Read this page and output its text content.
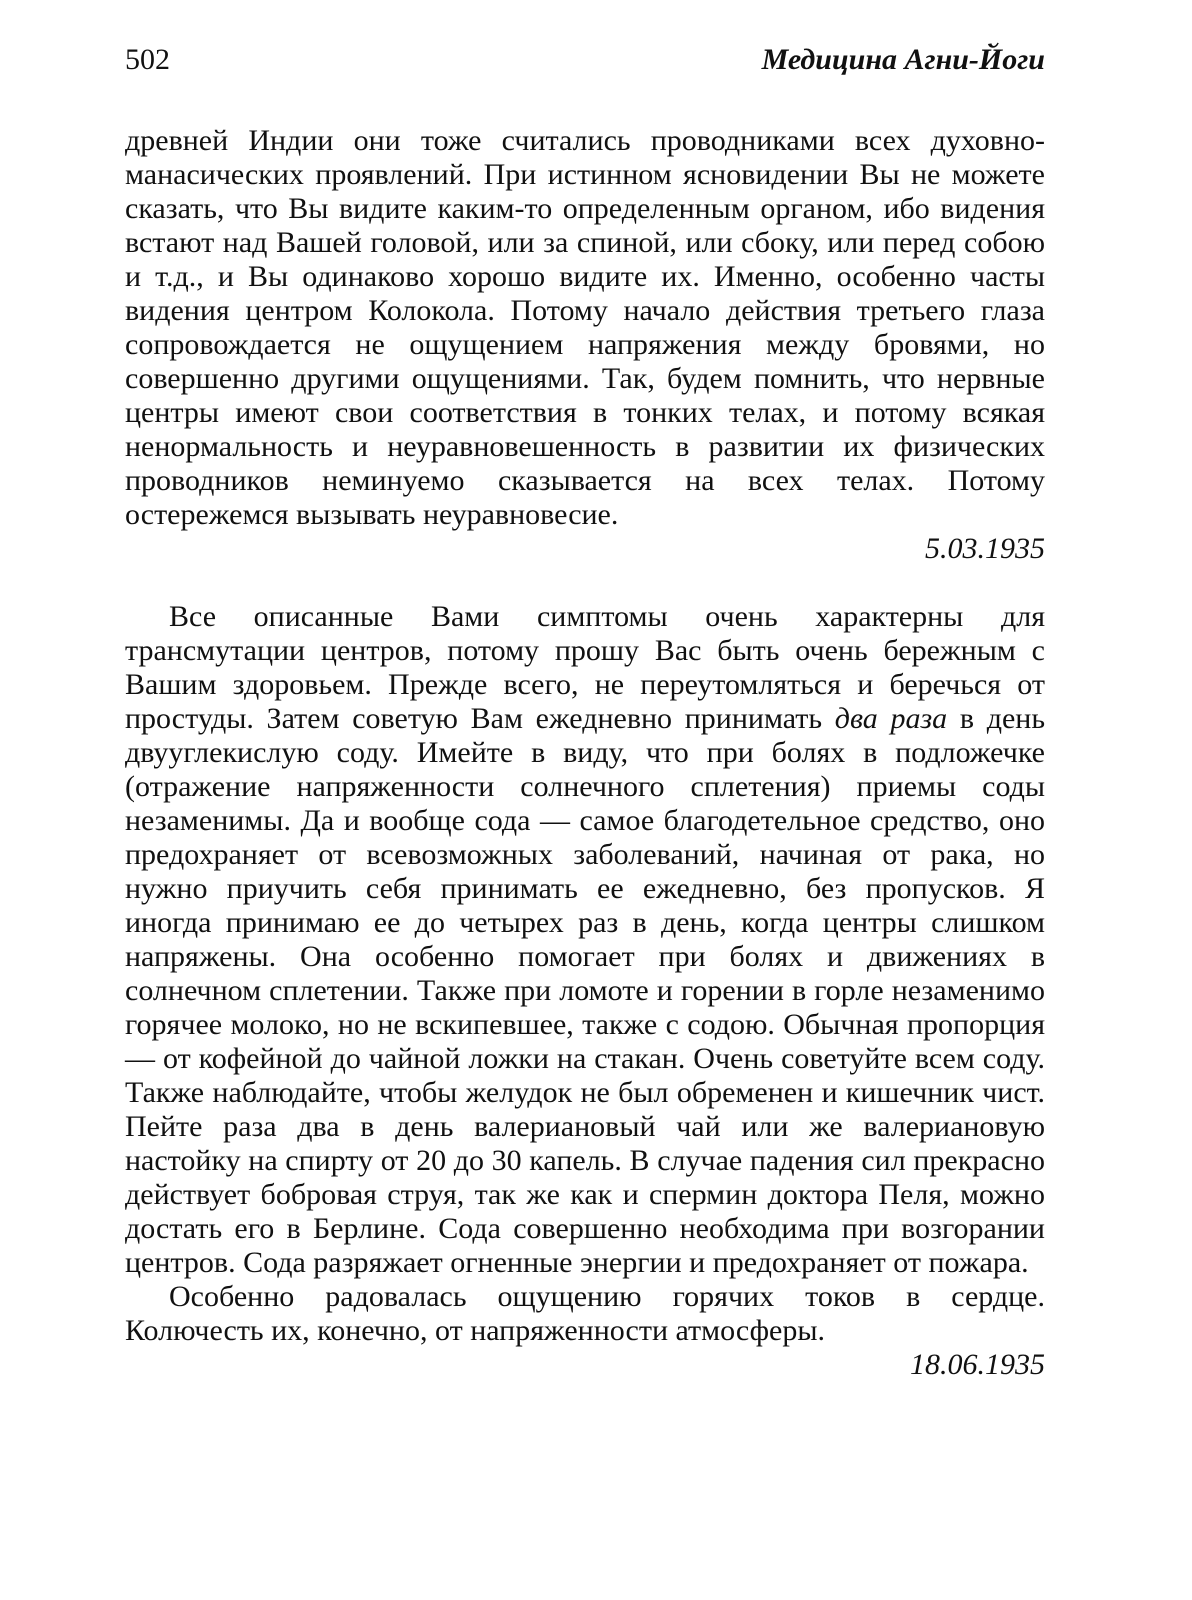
502	Медицина Агни-Йоги

древней Индии они тоже считались проводниками всех духовно-манасических проявлений. При истинном ясновидении Вы не можете сказать, что Вы видите каким-то определенным органом, ибо видения встают над Вашей головой, или за спиной, или сбоку, или перед собою и т.д., и Вы одинаково хорошо видите их. Именно, особенно часты видения центром Колокола. Потому начало действия третьего глаза сопровождается не ощущением напряжения между бровями, но совершенно другими ощущениями. Так, будем помнить, что нервные центры имеют свои соответствия в тонких телах, и потому всякая ненормальность и неуравновешенность в развитии их физических проводников неминуемо сказывается на всех телах. Потому остережемся вызывать неуравновесие.

5.03.1935

Все описанные Вами симптомы очень характерны для трансмутации центров, потому прошу Вас быть очень бережным с Вашим здоровьем. Прежде всего, не переутомляться и беречься от простуды. Затем советую Вам ежедневно принимать два раза в день двууглекислую соду. Имейте в виду, что при болях в подложечке (отражение напряженности солнечного сплетения) приемы соды незаменимы. Да и вообще сода — самое благодетельное средство, оно предохраняет от всевозможных заболеваний, начиная от рака, но нужно приучить себя принимать ее ежедневно, без пропусков. Я иногда принимаю ее до четырех раз в день, когда центры слишком напряжены. Она особенно помогает при болях и движениях в солнечном сплетении. Также при ломоте и горении в горле незаменимо горячее молоко, но не вскипевшее, также с содою. Обычная пропорция — от кофейной до чайной ложки на стакан. Очень советуйте всем соду. Также наблюдайте, чтобы желудок не был обременен и кишечник чист. Пейте раза два в день валериановый чай или же валериановую настойку на спирту от 20 до 30 капель. В случае падения сил прекрасно действует бобровая струя, так же как и спермин доктора Пеля, можно достать его в Берлине. Сода совершенно необходима при возгорании центров. Сода разряжает огненные энергии и предохраняет от пожара.

Особенно радовалась ощущению горячих токов в сердце. Колючесть их, конечно, от напряженности атмосферы.

18.06.1935
